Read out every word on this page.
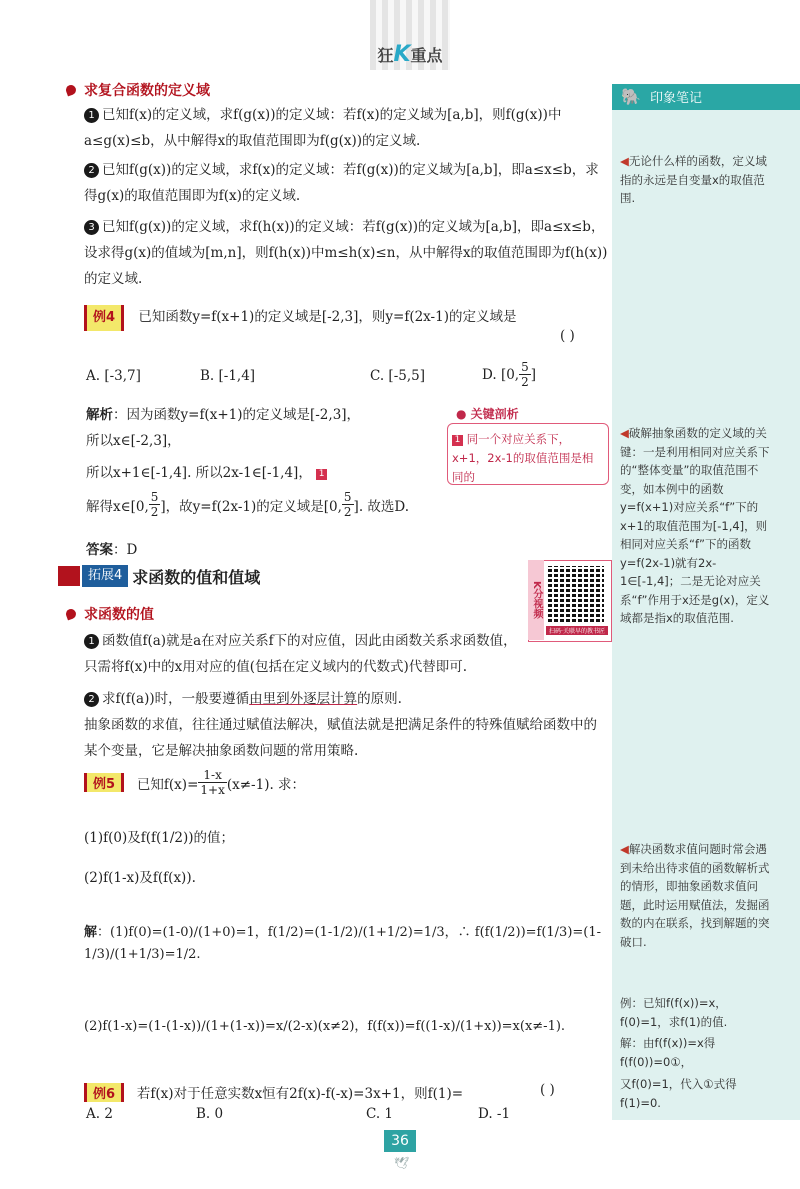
狂K重点
🐘 印象笔记
◀无论什么样的函数，定义域指的永远是自变量x的取值范围.
◀破解抽象函数的定义域的关键：一是利用相同对应关系下的“整体变量”的取值范围不变，如本例中的函数y=f(x+1)对应关系“f”下的x+1的取值范围为[-1,4]，则相同对应关系“f”下的函数y=f(2x-1)就有2x-1∈[-1,4]；二是无论对应关系“f”作用于x还是g(x)，定义域都是指x的取值范围.
◀解决函数求值问题时常会遇到未给出待求值的函数解析式的情形，即抽象函数求值问题，此时运用赋值法，发掘函数的内在联系，找到解题的突破口.
例：已知f(f(x))=x，f(0)=1，求f(1)的值.
解：由f(f(x))=x得f(f(0))=0①，
又f(0)=1，代入①式得f(1)=0.
求复合函数的定义域
1 已知f(x)的定义域，求f(g(x))的定义域：若f(x)的定义域为[a,b]，则f(g(x))中a≤g(x)≤b，从中解得x的取值范围即为f(g(x))的定义域.
2 已知f(g(x))的定义域，求f(x)的定义域：若f(g(x))的定义域为[a,b]，即a≤x≤b，求得g(x)的取值范围即为f(x)的定义域.
3 已知f(g(x))的定义域，求f(h(x))的定义域：若f(g(x))的定义域为[a,b]，即a≤x≤b，设求得g(x)的值域为[m,n]，则f(h(x))中m≤h(x)≤n，从中解得x的取值范围即为f(h(x))的定义域.
例4 已知函数y=f(x+1)的定义域是[-2,3]，则y=f(2x-1)的定义域是
( )
A. [-3,7]	B. [-1,4]	C. [-5,5]	D.
[0, $\frac{5}{2}$ ]
解析：因为函数y=f(x+1)的定义域是[-2,3]，
所以x∈[-2,3]，
所以x+1∈[-1,4]. 所以2x-1∈[-1,4]， 1
解得x∈[0, $\frac{5}{2}$ ]，故y=f(2x-1)的定义域是[0, $\frac{5}{2}$ ]. 故选D.
答案：D
1 同一个对应关系下，x+1，2x-1的取值范围是相同的
● 关键剖析
拓展4 求函数的值和值域
K分视频
扫码·关联早的教书匠
求函数的值
1 函数值f(a)就是a在对应关系f下的对应值，因此由函数关系求函数值，只需将f(x)中的x用对应的值(包括在定义域内的代数式)代替即可.
2 求f(f(a))时，一般要遵循由里到外逐层计算的原则.
抽象函数的求值，往往通过赋值法解决，赋值法就是把满足条件的特殊值赋给函数中的某个变量，它是解决抽象函数问题的常用策略.
例5
	已知$f(x)= \frac{1-x}{1+x} (x\ne-1)$. 求：
(1)f(0)及f(f(1/2))的值；
(2)f(1-x)及f(f(x)).
解：(1)f(0)=(1-0)/(1+0)=1，f(1/2)=(1-1/2)/(1+1/2)=1/3，∴ f(f(1/2))=f(1/3)=(1-1/3)/(1+1/3)=1/2.
(2)f(1-x)=(1-(1-x))/(1+(1-x))=x/(2-x)(x≠2)，f(f(x))=f((1-x)/(1+x))=x(x≠-1).
例6 若f(x)对于任意实数x恒有2f(x)-f(-x)=3x+1，则f(1)=	( )
A. 2	B. 0	C. 1	D. -1
36
🕊
